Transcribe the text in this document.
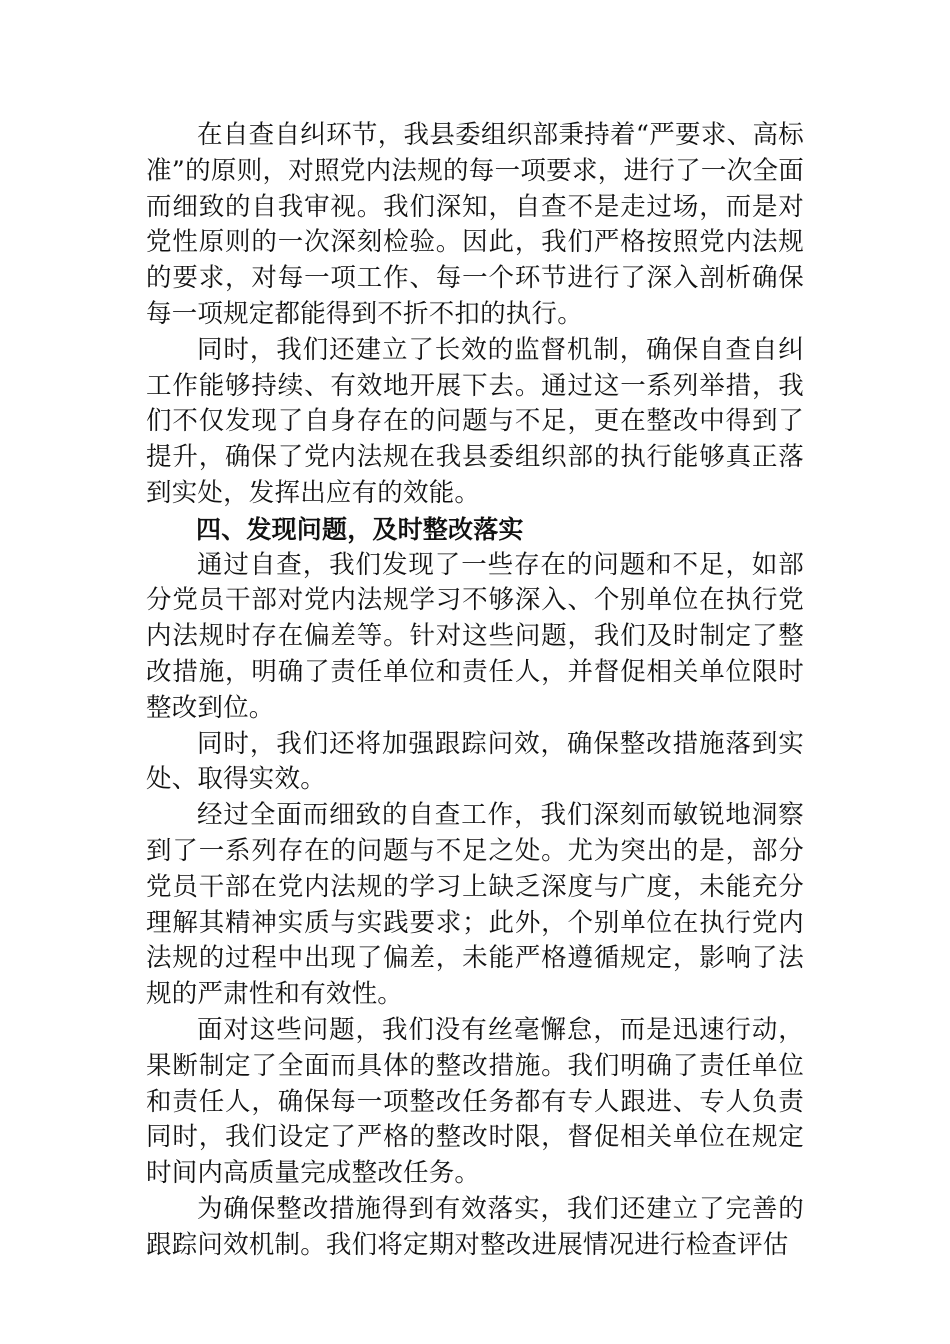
在自查自纠环节，我县委组织部秉持着“严要求、高标准”的原则，对照党内法规的每一项要求，进行了一次全面而细致的自我审视。我们深知，自查不是走过场，而是对党性原则的一次深刻检验。因此，我们严格按照党内法规的要求，对每一项工作、每一个环节进行了深入剖析确保每一项规定都能得到不折不扣的执行。

同时，我们还建立了长效的监督机制，确保自查自纠工作能够持续、有效地开展下去。通过这一系列举措，我们不仅发现了自身存在的问题与不足，更在整改中得到了提升，确保了党内法规在我县委组织部的执行能够真正落到实处，发挥出应有的效能。

四、发现问题，及时整改落实

通过自查，我们发现了一些存在的问题和不足，如部分党员干部对党内法规学习不够深入、个别单位在执行党内法规时存在偏差等。针对这些问题，我们及时制定了整改措施，明确了责任单位和责任人，并督促相关单位限时整改到位。

同时，我们还将加强跟踪问效，确保整改措施落到实处、取得实效。

经过全面而细致的自查工作，我们深刻而敏锐地洞察到了一系列存在的问题与不足之处。尤为突出的是，部分党员干部在党内法规的学习上缺乏深度与广度，未能充分理解其精神实质与实践要求；此外，个别单位在执行党内法规的过程中出现了偏差，未能严格遵循规定，影响了法规的严肃性和有效性。

面对这些问题，我们没有丝毫懈怠，而是迅速行动，果断制定了全面而具体的整改措施。我们明确了责任单位和责任人，确保每一项整改任务都有专人跟进、专人负责同时，我们设定了严格的整改时限，督促相关单位在规定时间内高质量完成整改任务。

为确保整改措施得到有效落实，我们还建立了完善的跟踪问效机制。我们将定期对整改进展情况进行检查评估
